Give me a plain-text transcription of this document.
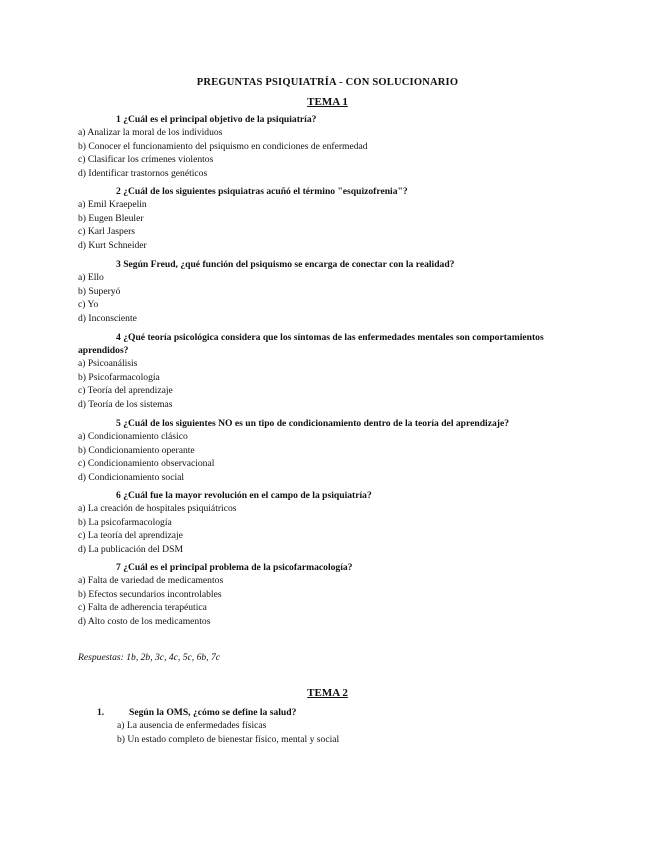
PREGUNTAS PSIQUIATRÍA - CON SOLUCIONARIO
TEMA 1
1 ¿Cuál es el principal objetivo de la psiquiatría?
a) Analizar la moral de los individuos
b) Conocer el funcionamiento del psiquismo en condiciones de enfermedad
c) Clasificar los crímenes violentos
d) Identificar trastornos genéticos
2 ¿Cuál de los siguientes psiquiatras acuñó el término "esquizofrenia"?
a) Emil Kraepelin
b) Eugen Bleuler
c) Karl Jaspers
d) Kurt Schneider
3 Según Freud, ¿qué función del psiquismo se encarga de conectar con la realidad?
a) Ello
b) Superyó
c) Yo
d) Inconsciente
4 ¿Qué teoría psicológica considera que los síntomas de las enfermedades mentales son comportamientos aprendidos?
a) Psicoanálisis
b) Psicofarmacología
c) Teoría del aprendizaje
d) Teoría de los sistemas
5 ¿Cuál de los siguientes NO es un tipo de condicionamiento dentro de la teoría del aprendizaje?
a) Condicionamiento clásico
b) Condicionamiento operante
c) Condicionamiento observacional
d) Condicionamiento social
6 ¿Cuál fue la mayor revolución en el campo de la psiquiatría?
a) La creación de hospitales psiquiátricos
b) La psicofarmacología
c) La teoría del aprendizaje
d) La publicación del DSM
7 ¿Cuál es el principal problema de la psicofarmacología?
a) Falta de variedad de medicamentos
b) Efectos secundarios incontrolables
c) Falta de adherencia terapéutica
d) Alto costo de los medicamentos
Respuestas: 1b, 2b, 3c, 4c, 5c, 6b, 7c
TEMA 2
1.	Según la OMS, ¿cómo se define la salud?
a) La ausencia de enfermedades físicas
b) Un estado completo de bienestar físico, mental y social
